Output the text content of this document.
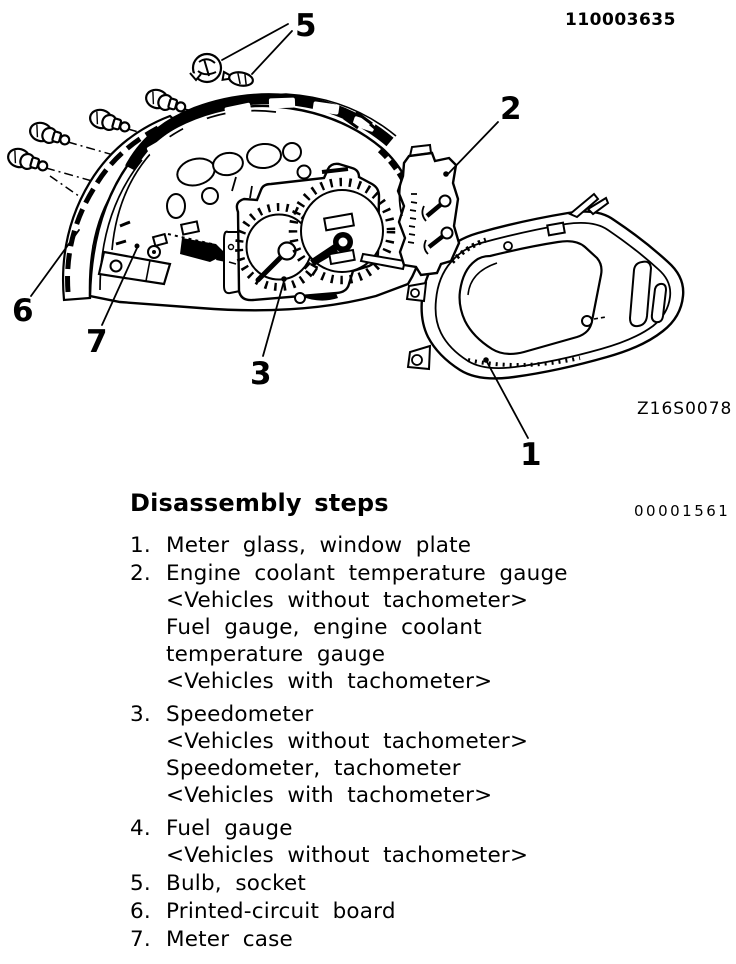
5
2
6
7
3
1
110003635
Z16S0078
Disassembly steps	00001561
1. Meter glass, window plate
2. Engine coolant temperature gauge
<Vehicles without tachometer>
Fuel gauge, engine coolant
temperature gauge
<Vehicles with tachometer>
3. Speedometer
<Vehicles without tachometer>
Speedometer, tachometer
<Vehicles with tachometer>
4. Fuel gauge
<Vehicles without tachometer>
5. Bulb, socket
6. Printed-circuit board
7. Meter case
